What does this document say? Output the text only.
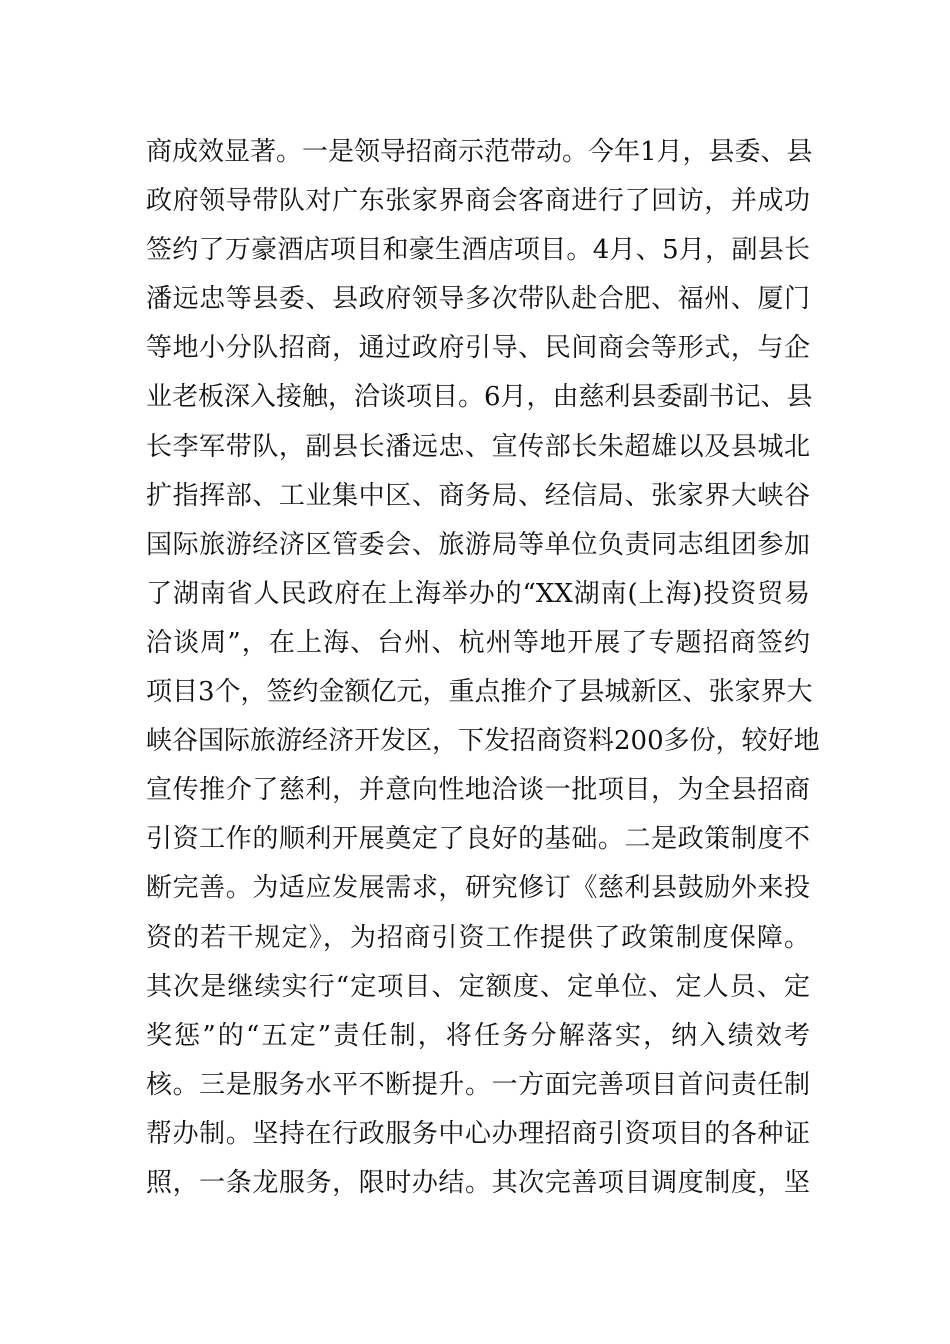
商成效显著。一是领导招商示范带动。今年1月，县委、县
政府领导带队对广东张家界商会客商进行了回访，并成功
签约了万豪酒店项目和豪生酒店项目。4月、5月，副县长
潘远忠等县委、县政府领导多次带队赴合肥、福州、厦门
等地小分队招商，通过政府引导、民间商会等形式，与企
业老板深入接触，洽谈项目。6月，由慈利县委副书记、县
长李军带队，副县长潘远忠、宣传部长朱超雄以及县城北
扩指挥部、工业集中区、商务局、经信局、张家界大峡谷
国际旅游经济区管委会、旅游局等单位负责同志组团参加
了湖南省人民政府在上海举办的“XX湖南(上海)投资贸易
洽谈周”，在上海、台州、杭州等地开展了专题招商签约
项目3个，签约金额亿元，重点推介了县城新区、张家界大
峡谷国际旅游经济开发区，下发招商资料200多份，较好地
宣传推介了慈利，并意向性地洽谈一批项目，为全县招商
引资工作的顺利开展奠定了良好的基础。二是政策制度不
断完善。为适应发展需求，研究修订《慈利县鼓励外来投
资的若干规定》，为招商引资工作提供了政策制度保障。
其次是继续实行“定项目、定额度、定单位、定人员、定
奖惩”的“五定”责任制，将任务分解落实，纳入绩效考
核。三是服务水平不断提升。一方面完善项目首问责任制
帮办制。坚持在行政服务中心办理招商引资项目的各种证
照，一条龙服务，限时办结。其次完善项目调度制度，坚
